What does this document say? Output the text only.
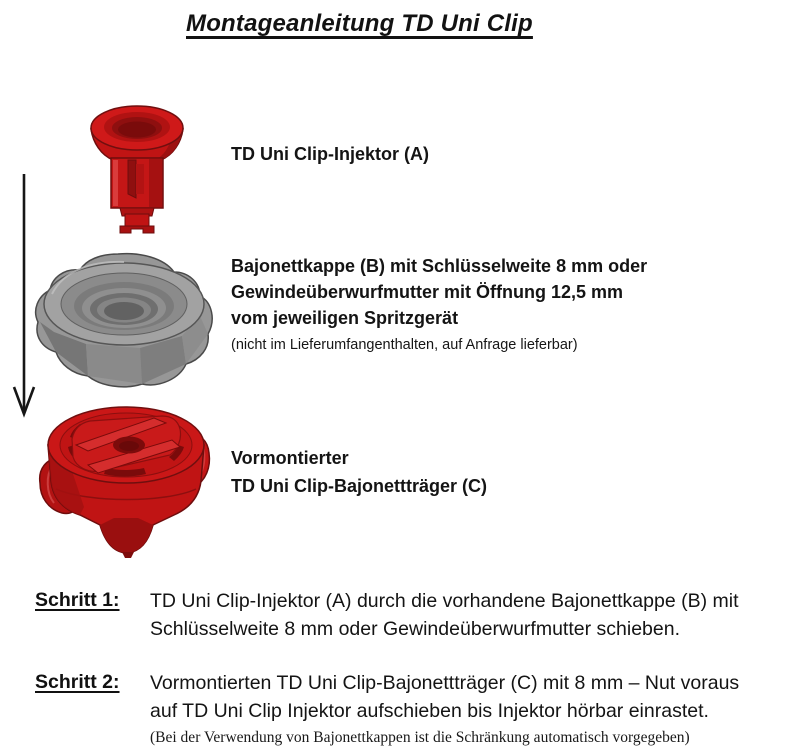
Montageanleitung TD Uni Clip
TD Uni Clip-Injektor (A)
Bajonettkappe (B) mit Schlüsselweite 8 mm oder
Gewindeüberwurfmutter mit Öffnung 12,5 mm
vom jeweiligen Spritzgerät
(nicht im Lieferumfangenthalten, auf Anfrage lieferbar)
Vormontierter
TD Uni Clip-Bajonettträger (C)
Schritt 1: TD Uni Clip-Injektor (A) durch die vorhandene Bajonettkappe (B) mit
Schlüsselweite 8 mm oder Gewindeüberwurfmutter schieben.
Schritt 2: Vormontierten TD Uni Clip-Bajonettträger (C) mit 8 mm – Nut voraus
auf TD Uni Clip Injektor aufschieben bis Injektor hörbar einrastet.
(Bei der Verwendung von Bajonettkappen ist die Schränkung automatisch vorgegeben)
